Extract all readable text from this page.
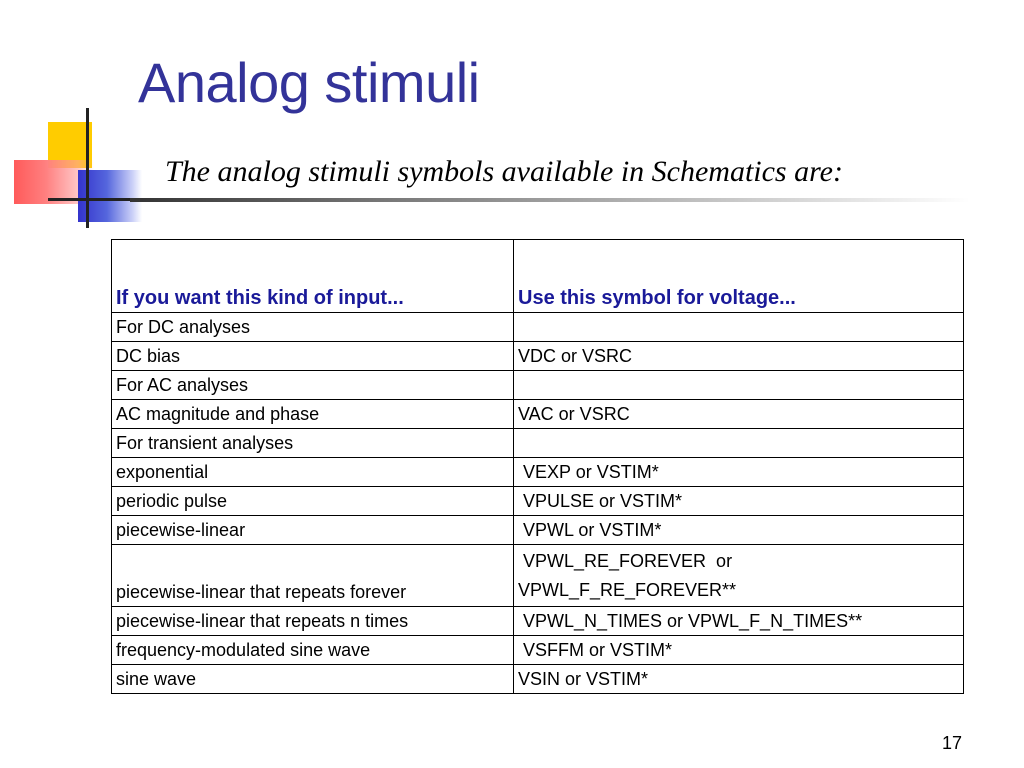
Analog stimuli

The analog stimuli symbols available in Schematics are:

If you want this kind of input...	Use this symbol for voltage...
For DC analyses	
DC bias	VDC or VSRC
For AC analyses	
AC magnitude and phase	VAC or VSRC
For transient analyses	
exponential	VEXP or VSTIM*
periodic pulse	VPULSE or VSTIM*
piecewise-linear	VPWL or VSTIM*
piecewise-linear that repeats forever	VPWL_RE_FOREVER  or
VPWL_F_RE_FOREVER**

piecewise-linear that repeats n times	VPWL_N_TIMES or VPWL_F_N_TIMES**
frequency-modulated sine wave	VSFFM or VSTIM*
sine wave	VSIN or VSTIM*
17
